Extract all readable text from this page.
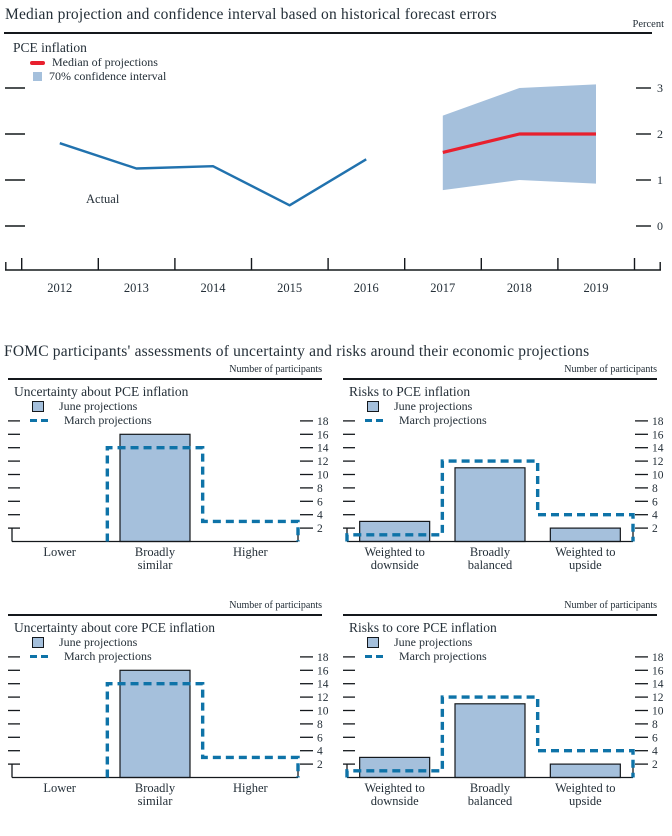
Median projection and confidence interval based on historical forecast errors
Percent
Actual
0
1
2
3
2012	2013	2014	2015	2016	2017	2018	2019
PCE inflation
Median of projections
70% confidence interval
FOMC participants' assessments of uncertainty and risks around their economic projections
Number of participants
2
4
6
8
10
12
14
16
18
Lower	Broadly
similar
Higher
Uncertainty about PCE inflation
June projections
March projections
Number of participants
2
4
6
8
10
12
14
16
18
Weighted to
downside
Broadly
balanced
Weighted to
upside
Risks to PCE inflation
June projections
March projections
Number of participants
2
4
6
8
10
12
14
16
18
Lower	Broadly
similar
Higher
Uncertainty about core PCE inflation
June projections
March projections
Number of participants
2
4
6
8
10
12
14
16
18
Weighted to
downside
Broadly
balanced
Weighted to
upside
Risks to core PCE inflation
June projections
March projections
